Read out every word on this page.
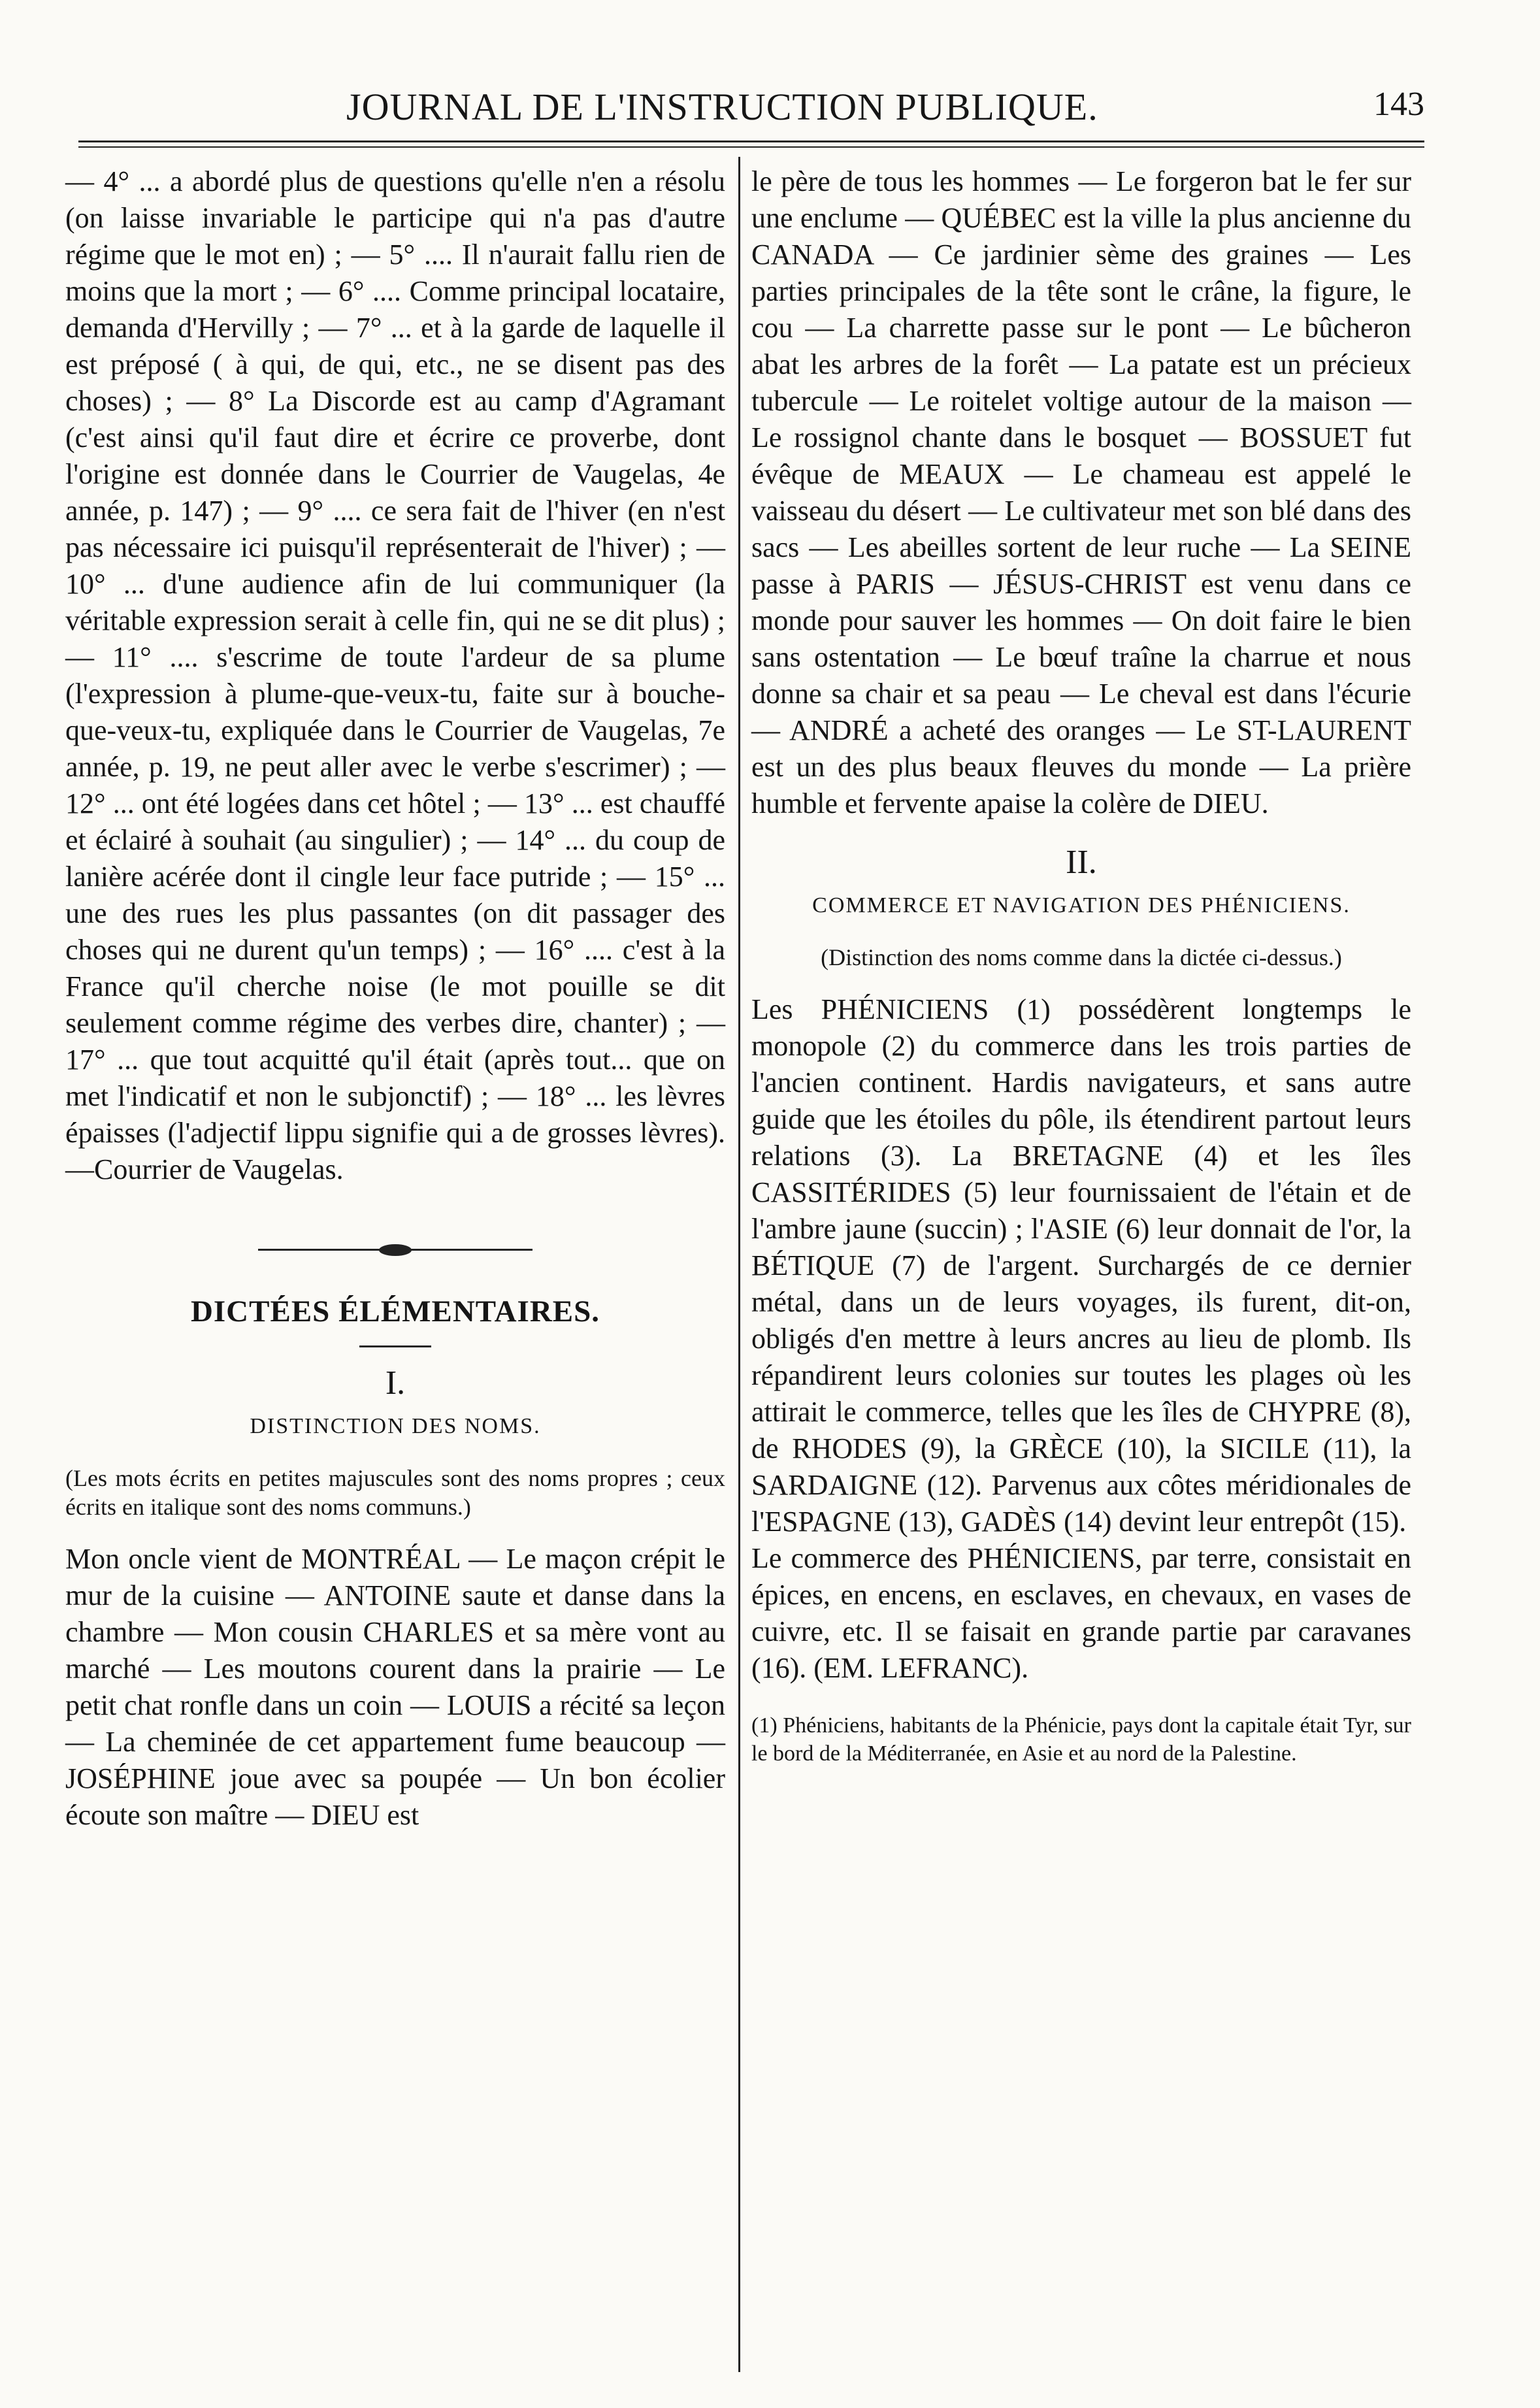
JOURNAL DE L'INSTRUCTION PUBLIQUE.	143

— 4° ... a abordé plus de questions qu'elle n'en a résolu (on laisse invariable le participe qui n'a pas d'autre régime que le mot en) ; — 5° .... Il n'aurait fallu rien de moins que la mort ; — 6° .... Comme principal locataire, demanda d'Hervilly ; — 7° ... et à la garde de laquelle il est préposé ( à qui, de qui, etc., ne se disent pas des choses) ; — 8° La Discorde est au camp d'Agramant (c'est ainsi qu'il faut dire et écrire ce proverbe, dont l'origine est donnée dans le Courrier de Vaugelas, 4e année, p. 147) ; — 9° .... ce sera fait de l'hiver (en n'est pas nécessaire ici puisqu'il représenterait de l'hiver) ; — 10° ... d'une audience afin de lui communiquer (la véritable expression serait à celle fin, qui ne se dit plus) ; — 11° .... s'escrime de toute l'ardeur de sa plume (l'expression à plume-que-veux-tu, faite sur à bouche-que-veux-tu, expliquée dans le Courrier de Vaugelas, 7e année, p. 19, ne peut aller avec le verbe s'escrimer) ; — 12° ... ont été logées dans cet hôtel ; — 13° ... est chauffé et éclairé à souhait (au singulier) ; — 14° ... du coup de lanière acérée dont il cingle leur face putride ; — 15° ... une des rues les plus passantes (on dit passager des choses qui ne durent qu'un temps) ; — 16° .... c'est à la France qu'il cherche noise (le mot pouille se dit seulement comme régime des verbes dire, chanter) ; — 17° ... que tout acquitté qu'il était (après tout... que on met l'indicatif et non le subjonctif) ; — 18° ... les lèvres épaisses (l'adjectif lippu signifie qui a de grosses lèvres).—Courrier de Vaugelas.

DICTÉES ÉLÉMENTAIRES.
I.
DISTINCTION DES NOMS.
(Les mots écrits en petites majuscules sont des noms propres ; ceux écrits en italique sont des noms communs.)

Mon oncle vient de MONTRÉAL — Le maçon crépit le mur de la cuisine — ANTOINE saute et danse dans la chambre — Mon cousin CHARLES et sa mère vont au marché — Les moutons courent dans la prairie — Le petit chat ronfle dans un coin — LOUIS a récité sa leçon — La cheminée de cet appartement fume beaucoup — JOSÉPHINE joue avec sa poupée — Un bon écolier écoute son maître — DIEU est

le père de tous les hommes — Le forgeron bat le fer sur une enclume — QUÉBEC est la ville la plus ancienne du CANADA — Ce jardinier sème des graines — Les parties principales de la tête sont le crâne, la figure, le cou — La charrette passe sur le pont — Le bûcheron abat les arbres de la forêt — La patate est un précieux tubercule — Le roitelet voltige autour de la maison — Le rossignol chante dans le bosquet — BOSSUET fut évêque de MEAUX — Le chameau est appelé le vaisseau du désert — Le cultivateur met son blé dans des sacs — Les abeilles sortent de leur ruche — La SEINE passe à PARIS — JÉSUS-CHRIST est venu dans ce monde pour sauver les hommes — On doit faire le bien sans ostentation — Le bœuf traîne la charrue et nous donne sa chair et sa peau — Le cheval est dans l'écurie — ANDRÉ a acheté des oranges — Le ST-LAURENT est un des plus beaux fleuves du monde — La prière humble et fervente apaise la colère de DIEU.

II.
COMMERCE ET NAVIGATION DES PHÉNICIENS.
(Distinction des noms comme dans la dictée ci-dessus.)

Les PHÉNICIENS (1) possédèrent longtemps le monopole (2) du commerce dans les trois parties de l'ancien continent. Hardis navigateurs, et sans autre guide que les étoiles du pôle, ils étendirent partout leurs relations (3). La BRETAGNE (4) et les îles CASSITÉRIDES (5) leur fournissaient de l'étain et de l'ambre jaune (succin) ; l'ASIE (6) leur donnait de l'or, la BÉTIQUE (7) de l'argent. Surchargés de ce dernier métal, dans un de leurs voyages, ils furent, dit-on, obligés d'en mettre à leurs ancres au lieu de plomb. Ils répandirent leurs colonies sur toutes les plages où les attirait le commerce, telles que les îles de CHYPRE (8), de RHODES (9), la GRÈCE (10), la SICILE (11), la SARDAIGNE (12). Parvenus aux côtes méridionales de l'ESPAGNE (13), GADÈS (14) devint leur entrepôt (15).

Le commerce des PHÉNICIENS, par terre, consistait en épices, en encens, en esclaves, en chevaux, en vases de cuivre, etc. Il se faisait en grande partie par caravanes (16). (EM. LEFRANC).

(1) Phéniciens, habitants de la Phénicie, pays dont la capitale était Tyr, sur le bord de la Méditerranée, en Asie et au nord de la Palestine.
